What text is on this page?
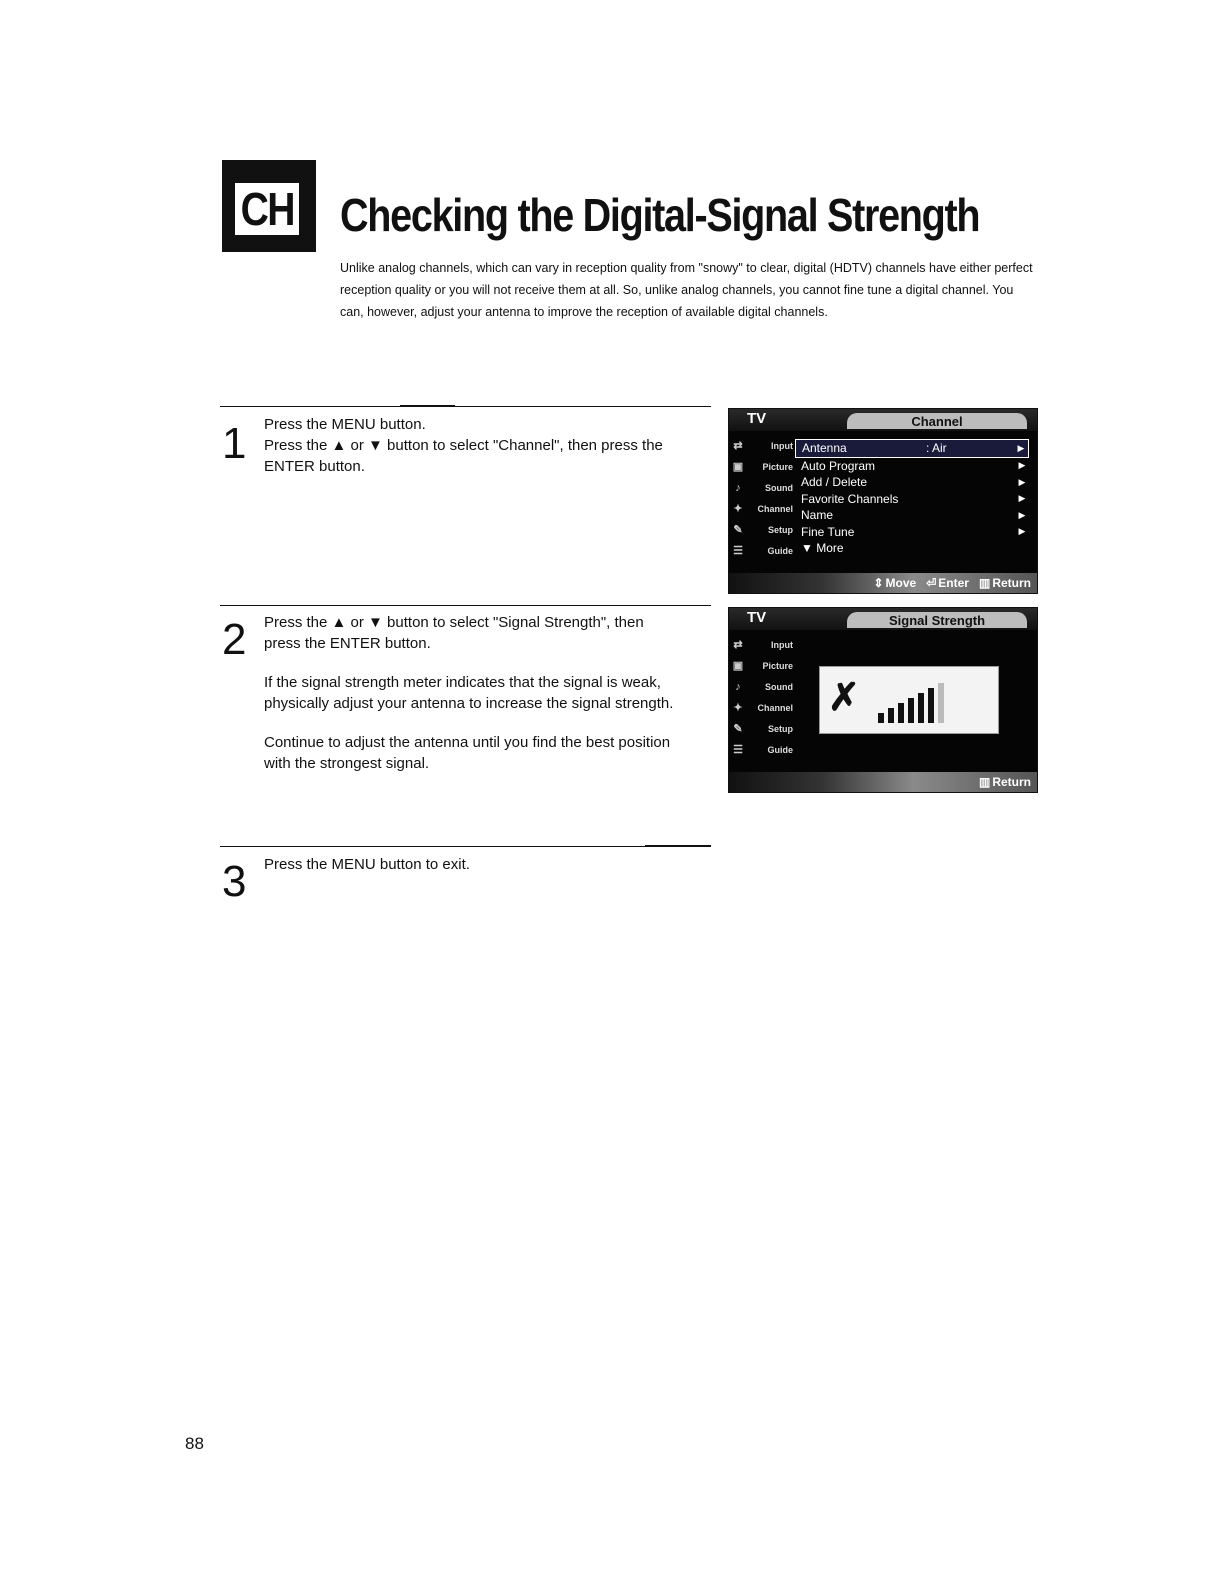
CH Checking the Digital-Signal Strength
Unlike analog channels, which can vary in reception quality from "snowy" to clear, digital (HDTV) channels have either perfect reception quality or you will not receive them at all. So, unlike analog channels, you cannot fine tune a digital channel. You can, however, adjust your antenna to improve the reception of available digital channels.
1 Press the MENU button.

Press the ▲ or ▼ button to select "Channel", then press the ENTER button.

TV	Channel
⇄	Input
▣	Picture
♪	Sound
✦	Channel
✎	Setup
☰	Guide
Antenna	: Air	▶
Auto Program	▶
Add / Delete	▶
Favorite Channels	▶
Name	▶
Fine Tune	▶
▼ More
⇕ Move ⏎ Enter ▥ Return
2 Press the ▲ or ▼ button to select "Signal Strength", then press the ENTER button.

If the signal strength meter indicates that the signal is weak, physically adjust your antenna to increase the signal strength.

Continue to adjust the antenna until you find the best position with the strongest signal.

TV	Signal Strength
⇄	Input
▣	Picture
♪	Sound
✦	Channel
✎	Setup
☰	Guide
✗
▥ Return
3 Press the MENU button to exit.

88
